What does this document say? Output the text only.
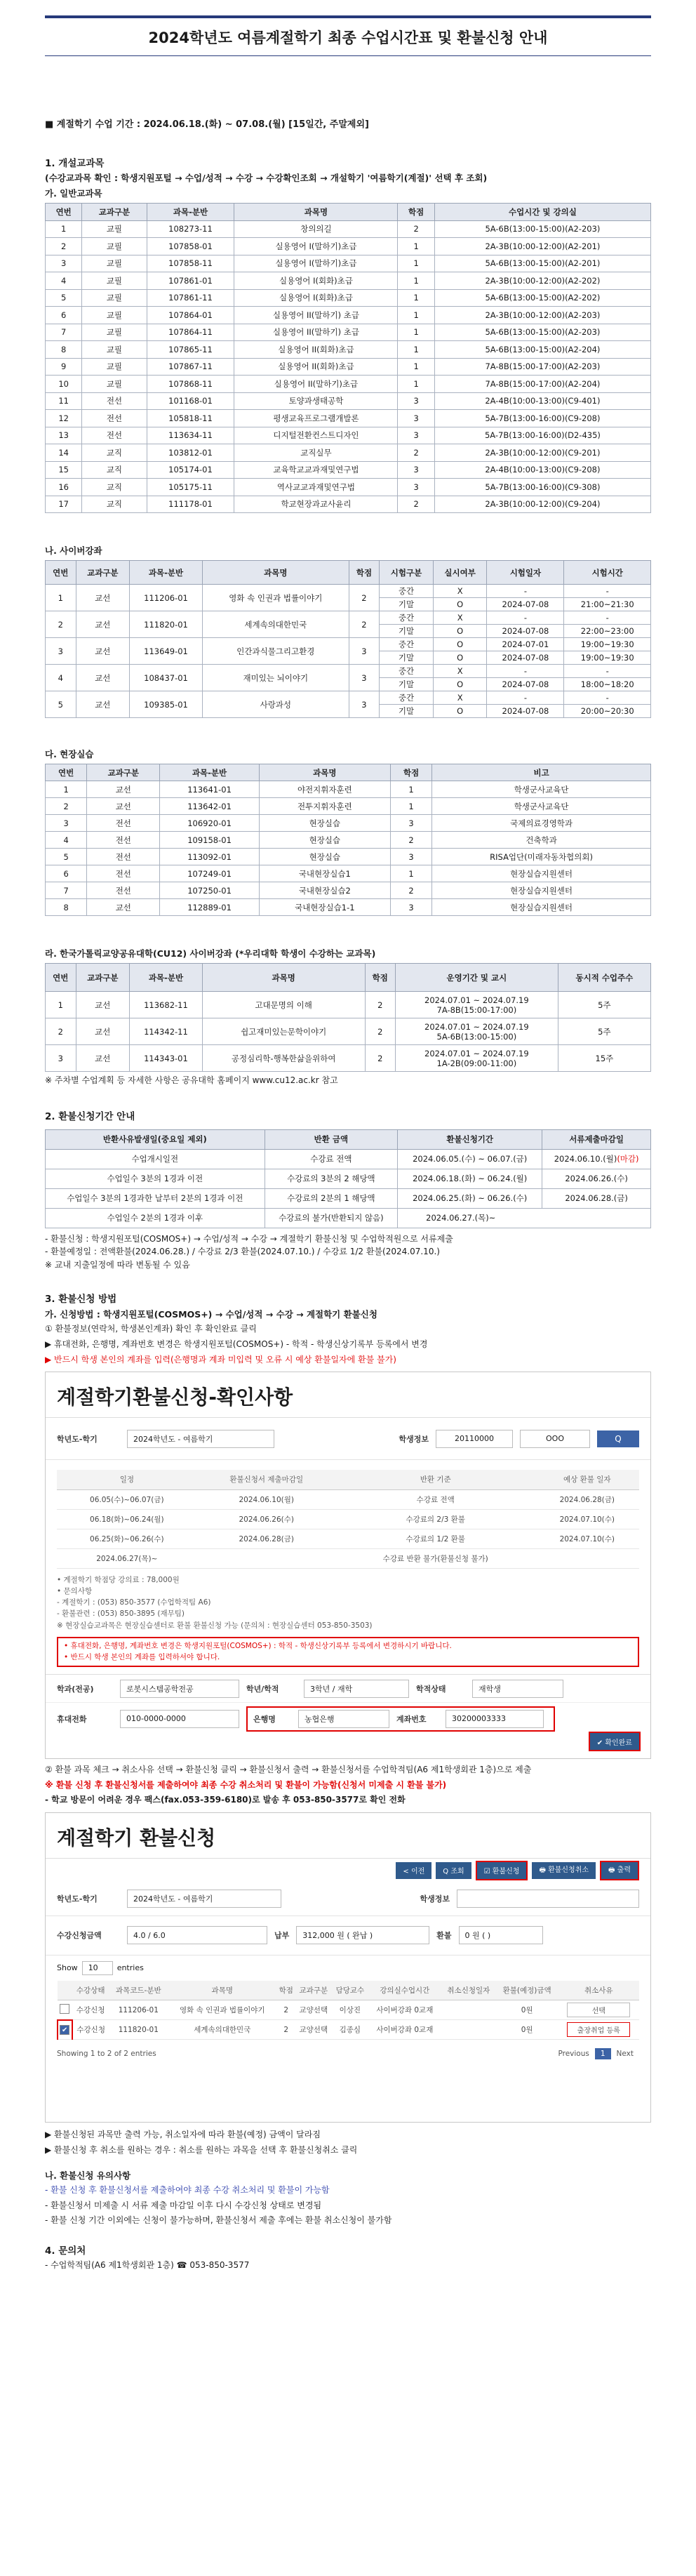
2024학년도 여름계절학기 최종 수업시간표 및 환불신청 안내
■ 계절학기 수업 기간 : 2024.06.18.(화) ~ 07.08.(월) [15일간, 주말제외]
1. 개설교과목
(수강교과목 확인 : 학생지원포털 → 수업/성적 → 수강 → 수강확인조회 → 개설학기 '여름학기(계절)' 선택 후 조회)
가. 일반교과목
연번	교과구분	과목-분반	과목명	학점	수업시간 및 강의실
1	교필	108273-11	창의의길	2	5A-6B(13:00-15:00)(A2-203)
2	교필	107858-01	실용영어 I(말하기)초급	1	2A-3B(10:00-12:00)(A2-201)
3	교필	107858-11	실용영어 I(말하기)초급	1	5A-6B(13:00-15:00)(A2-201)
4	교필	107861-01	실용영어 I(회화)초급	1	2A-3B(10:00-12:00)(A2-202)
5	교필	107861-11	실용영어 I(회화)초급	1	5A-6B(13:00-15:00)(A2-202)
6	교필	107864-01	실용영어 II(말하기) 초급	1	2A-3B(10:00-12:00)(A2-203)
7	교필	107864-11	실용영어 II(말하기) 초급	1	5A-6B(13:00-15:00)(A2-203)
8	교필	107865-11	실용영어 II(회화)초급	1	5A-6B(13:00-15:00)(A2-204)
9	교필	107867-11	실용영어 II(회화)초급	1	7A-8B(15:00-17:00)(A2-203)
10	교필	107868-11	실용영어 II(말하기)초급	1	7A-8B(15:00-17:00)(A2-204)
11	전선	101168-01	토양과생태공학	3	2A-4B(10:00-13:00)(C9-401)
12	전선	105818-11	평생교육프로그램개발론	3	5A-7B(13:00-16:00)(C9-208)
13	전선	113634-11	디지털전환컨스트디자인	3	5A-7B(13:00-16:00)(D2-435)
14	교직	103812-01	교직실무	2	2A-3B(10:00-12:00)(C9-201)
15	교직	105174-01	교육학교교과재및연구법	3	2A-4B(10:00-13:00)(C9-208)
16	교직	105175-11	역사교교과재및연구법	3	5A-7B(13:00-16:00)(C9-308)
17	교직	111178-01	학교현장과교사윤리	2	2A-3B(10:00-12:00)(C9-204)
나. 사이버강좌
연번	교과구분	과목-분반	과목명	학점	시험구분	실시여부	시험일자	시험시간
1	교선	111206-01	영화 속 인권과 법률이야기	2	중간	X	-	-
					기말	O	2024-07-08	21:00~21:30
2	교선	111820-01	세계속의대한민국	2	중간	X	-	-
					기말	O	2024-07-08	22:00~23:00
3	교선	113649-01	인간과식물그리고환경	3	중간	O	2024-07-01	19:00~19:30
					기말	O	2024-07-08	19:00~19:30
4	교선	108437-01	재미있는 뇌이야기	3	중간	X	-	-
					기말	O	2024-07-08	18:00~18:20
5	교선	109385-01	사랑과성	3	중간	X	-	-
					기말	O	2024-07-08	20:00~20:30
다. 현장실습
연번	교과구분	과목-분반	과목명	학점	비고
1	교선	113641-01	야전지휘자훈련	1	학생군사교육단
2	교선	113642-01	전투지휘자훈련	1	학생군사교육단
3	전선	106920-01	현장실습	3	국제의료경영학과
4	전선	109158-01	현장실습	2	건축학과
5	전선	113092-01	현장실습	3	RISA업단(미래자동차협의회)
6	전선	107249-01	국내현장실습1	1	현장실습지원센터
7	전선	107250-01	국내현장실습2	2	현장실습지원센터
8	교선	112889-01	국내현장실습1-1	3	현장실습지원센터
라. 한국가톨릭교양공유대학(CU12) 사이버강좌 (*우리대학 학생이 수강하는 교과목)
연번	교과구분	과목-분반	과목명	학점	운영기간 및 교시	동시적 수업주수
1	교선	113682-11	고대문명의 이해	2	2024.07.01 ~ 2024.07.19
7A-8B(15:00-17:00)	5주
2	교선	114342-11	쉽고재미있는문학이야기	2	2024.07.01 ~ 2024.07.19
5A-6B(13:00-15:00)	5주
3	교선	114343-01	공정심리학-행복한삶을위하여	2	2024.07.01 ~ 2024.07.19
1A-2B(09:00-11:00)	15주
※ 주차별 수업계획 등 자세한 사항은 공유대학 홈페이지 www.cu12.ac.kr 참고
2. 환불신청기간 안내
반환사유발생일(중요일 제외)	반환 금액	환불신청기간	서류제출마감일
수업개시일전	수강료 전액	2024.06.05.(수) ~ 06.07.(금)	2024.06.10.(월)(마감)
수업일수 3분의 1경과 이전	수강료의 3분의 2 해당액	2024.06.18.(화) ~ 06.24.(월)	2024.06.26.(수)
수업일수 3분의 1경과한 날부터 2분의 1경과 이전	수강료의 2분의 1 해당액	2024.06.25.(화) ~ 06.26.(수)	2024.06.28.(금)
수업일수 2분의 1경과 이후	수강료의 불가(반환되지 않음)	2024.06.27.(목)~	
- 환불신청 : 학생지원포털(COSMOS+) → 수업/성적 → 수강 → 계절학기 환불신청 및 수업학적원으로 서류제출
- 환불예정일 : 전액환불(2024.06.28.) / 수강료 2/3 환불(2024.07.10.) / 수강료 1/2 환불(2024.07.10.)
※ 교내 지출일정에 따라 변동될 수 있음
3. 환불신청 방법
가. 신청방법 : 학생지원포털(COSMOS+) → 수업/성적 → 수강 → 계절학기 환불신청
① 환불정보(연락처, 학생본인계좌) 확인 후 확인완료 클릭
▶ 휴대전화, 은행명, 계좌번호 변경은 학생지원포털(COSMOS+) - 학적 - 학생신상기록부 등록에서 변경
▶ 반드시 학생 본인의 계좌를 입력(은행명과 계좌 미입력 및 오류 시 예상 환불일자에 환불 불가)
계절학기환불신청-확인사항
학년도-학기	2024학년도 - 여름학기	학생정보	20110000	OOO	Q
일정	환불신청서 제출마감일	반환 기준	예상 환불 일자
06.05(수)~06.07(금)	2024.06.10(월)	수강료 전액	2024.06.28(금)
06.18(화)~06.24(월)	2024.06.26(수)	수강료의 2/3 환불	2024.07.10(수)
06.25(화)~06.26(수)	2024.06.28(금)	수강료의 1/2 환불	2024.07.10(수)
2024.06.27(목)~		수강료 반환 불가(환불신청 불가)	
• 계절학기 학점당 강의료 : 78,000원
• 문의사항
- 계절학기 : (053) 850-3577 (수업학적팀 A6)
- 환불관련 : (053) 850-3895 (재무팀)
※ 현장실습교과목은 현장실습센터로 환불 환불신청 가능 (문의처 : 현장실습센터 053-850-3503)
• 휴대전화, 은행명, 계좌번호 변경은 학생지원포털(COSMOS+) : 학적 - 학생신상기록부 등록에서 변경하시기 바랍니다.
• 반드시 학생 본인의 계좌를 입력하셔야 합니다.
학과(전공)	로봇시스템공학전공	학년/학적	3학년 / 재학	학적상태	재학생
휴대전화	010-0000-0000	은행명	농협은행	계좌번호	30200003333
✔ 확인완료
② 환불 과목 체크 → 취소사유 선택 → 환불신청 클릭 → 환불신청서 출력 → 환불신청서를 수업학적팀(A6 제1학생회관 1층)으로 제출
※ 환불 신청 후 환불신청서를 제출하여야 최종 수강 취소처리 및 환불이 가능함(신청서 미제출 시 환불 불가)
- 학교 방문이 어려운 경우 팩스(fax.053-359-6180)로 발송 후 053-850-3577로 확인 전화
계절학기 환불신청
< 이전	Q 조회	☑ 환불신청	🖶 환불신청취소	🖶 출력
학년도-학기	2024학년도 - 여름학기	학생정보
수강신청금액	4.0 / 6.0	납부	312,000 원 ( 완납 )	환불	0 원 ( )
Show	10	entries
	수강상태	과목코드-분반	과목명	학점	교과구분	담당교수	강의실수업시간	취소신청일자	환불(예정)금액	취소사유
	수강신청	111206-01	영화 속 인권과 법률이야기	2	교양선택	이상진	사이버강좌 0교재		0원	선택
✔	수강신청	111820-01	세계속의대한민국	2	교양선택	김종심	사이버강좌 0교재		0원	출장취업 등록
Showing 1 to 2 of 2 entries	Previous	1	Next
▶ 환불신청된 과목만 출력 가능, 취소일자에 따라 환불(예정) 금액이 달라짐
▶ 환불신청 후 취소를 원하는 경우 : 취소를 원하는 과목을 선택 후 환불신청취소 클릭
나. 환불신청 유의사항
- 환불 신청 후 환불신청서를 제출하여야 최종 수강 취소처리 및 환불이 가능함
- 환불신청서 미제출 시 서류 제출 마감일 이후 다시 수강신청 상태로 변경됨
- 환불 신청 기간 이외에는 신청이 불가능하며, 환불신청서 제출 후에는 환불 취소신청이 불가함
4. 문의처
- 수업학적팀(A6 제1학생회관 1층) ☎ 053-850-3577
